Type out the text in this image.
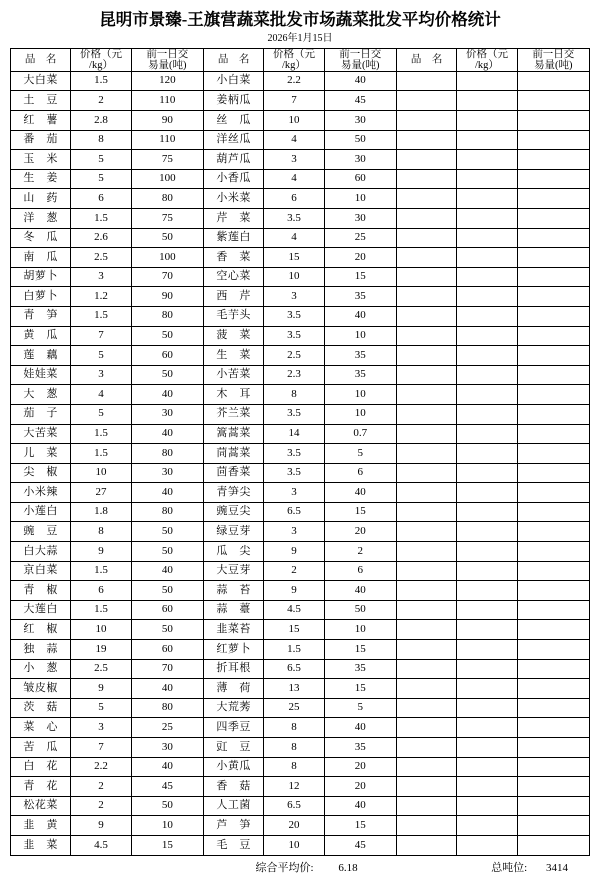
昆明市景臻-王旗营蔬菜批发市场蔬菜批发平均价格统计
2026年1月15日
品　名	价格（元
/kg）	前一日交
易量(吨)	品　名	价格（元
/kg）	前一日交
易量(吨)	品　名	价格（元
/kg）	前一日交
易量(吨)

大白菜	1.5	120	小白菜	2.2	40			
土　豆	2	110	姜柄瓜	7	45			
红　薯	2.8	90	丝　瓜	10	30			
番　茄	8	110	洋丝瓜	4	50			
玉　米	5	75	葫芦瓜	3	30			
生　姜	5	100	小香瓜	4	60			
山　药	6	80	小米菜	6	10			
洋　葱	1.5	75	芹　菜	3.5	30			
冬　瓜	2.6	50	紫莲白	4	25			
南　瓜	2.5	100	香　菜	15	20			
胡萝卜	3	70	空心菜	10	15			
白萝卜	1.2	90	西　芹	3	35			
青　笋	1.5	80	毛芋头	3.5	40			
黄　瓜	7	50	菠　菜	3.5	10			
莲　藕	5	60	生　菜	2.5	35			
娃娃菜	3	50	小苦菜	2.3	35			
大　葱	4	40	木　耳	8	10			
茄　子	5	30	芥兰菜	3.5	10			
大苦菜	1.5	40	篙蒿菜	14	0.7			
儿　菜	1.5	80	茼蒿菜	3.5	5			
尖　椒	10	30	茴香菜	3.5	6			
小米辣	27	40	青笋尖	3	40			
小莲白	1.8	80	豌豆尖	6.5	15			
豌　豆	8	50	绿豆芽	3	20			
白大蒜	9	50	瓜　尖	9	2			
京白菜	1.5	40	大豆芽	2	6			
青　椒	6	50	蒜　苔	9	40			
大莲白	1.5	60	蒜　薹	4.5	50			
红　椒	10	50	韭菜苔	15	10			
独　蒜	19	60	红萝卜	1.5	15			
小　葱	2.5	70	折耳根	6.5	35			
皱皮椒	9	40	薄　荷	13	15			
茨　菇	5	80	大荒莠	25	5			
菜　心	3	25	四季豆	8	40			
苦　瓜	7	30	豇　豆	8	35			
白　花	2.2	40	小黄瓜	8	20			
青　花	2	45	香　菇	12	20			
松花菜	2	50	人工菌	6.5	40			
韭　黄	9	10	芦　笋	20	15			
韭　菜	4.5	15	毛　豆	10	45			
综合平均价: 6.18	总吨位: 3414
